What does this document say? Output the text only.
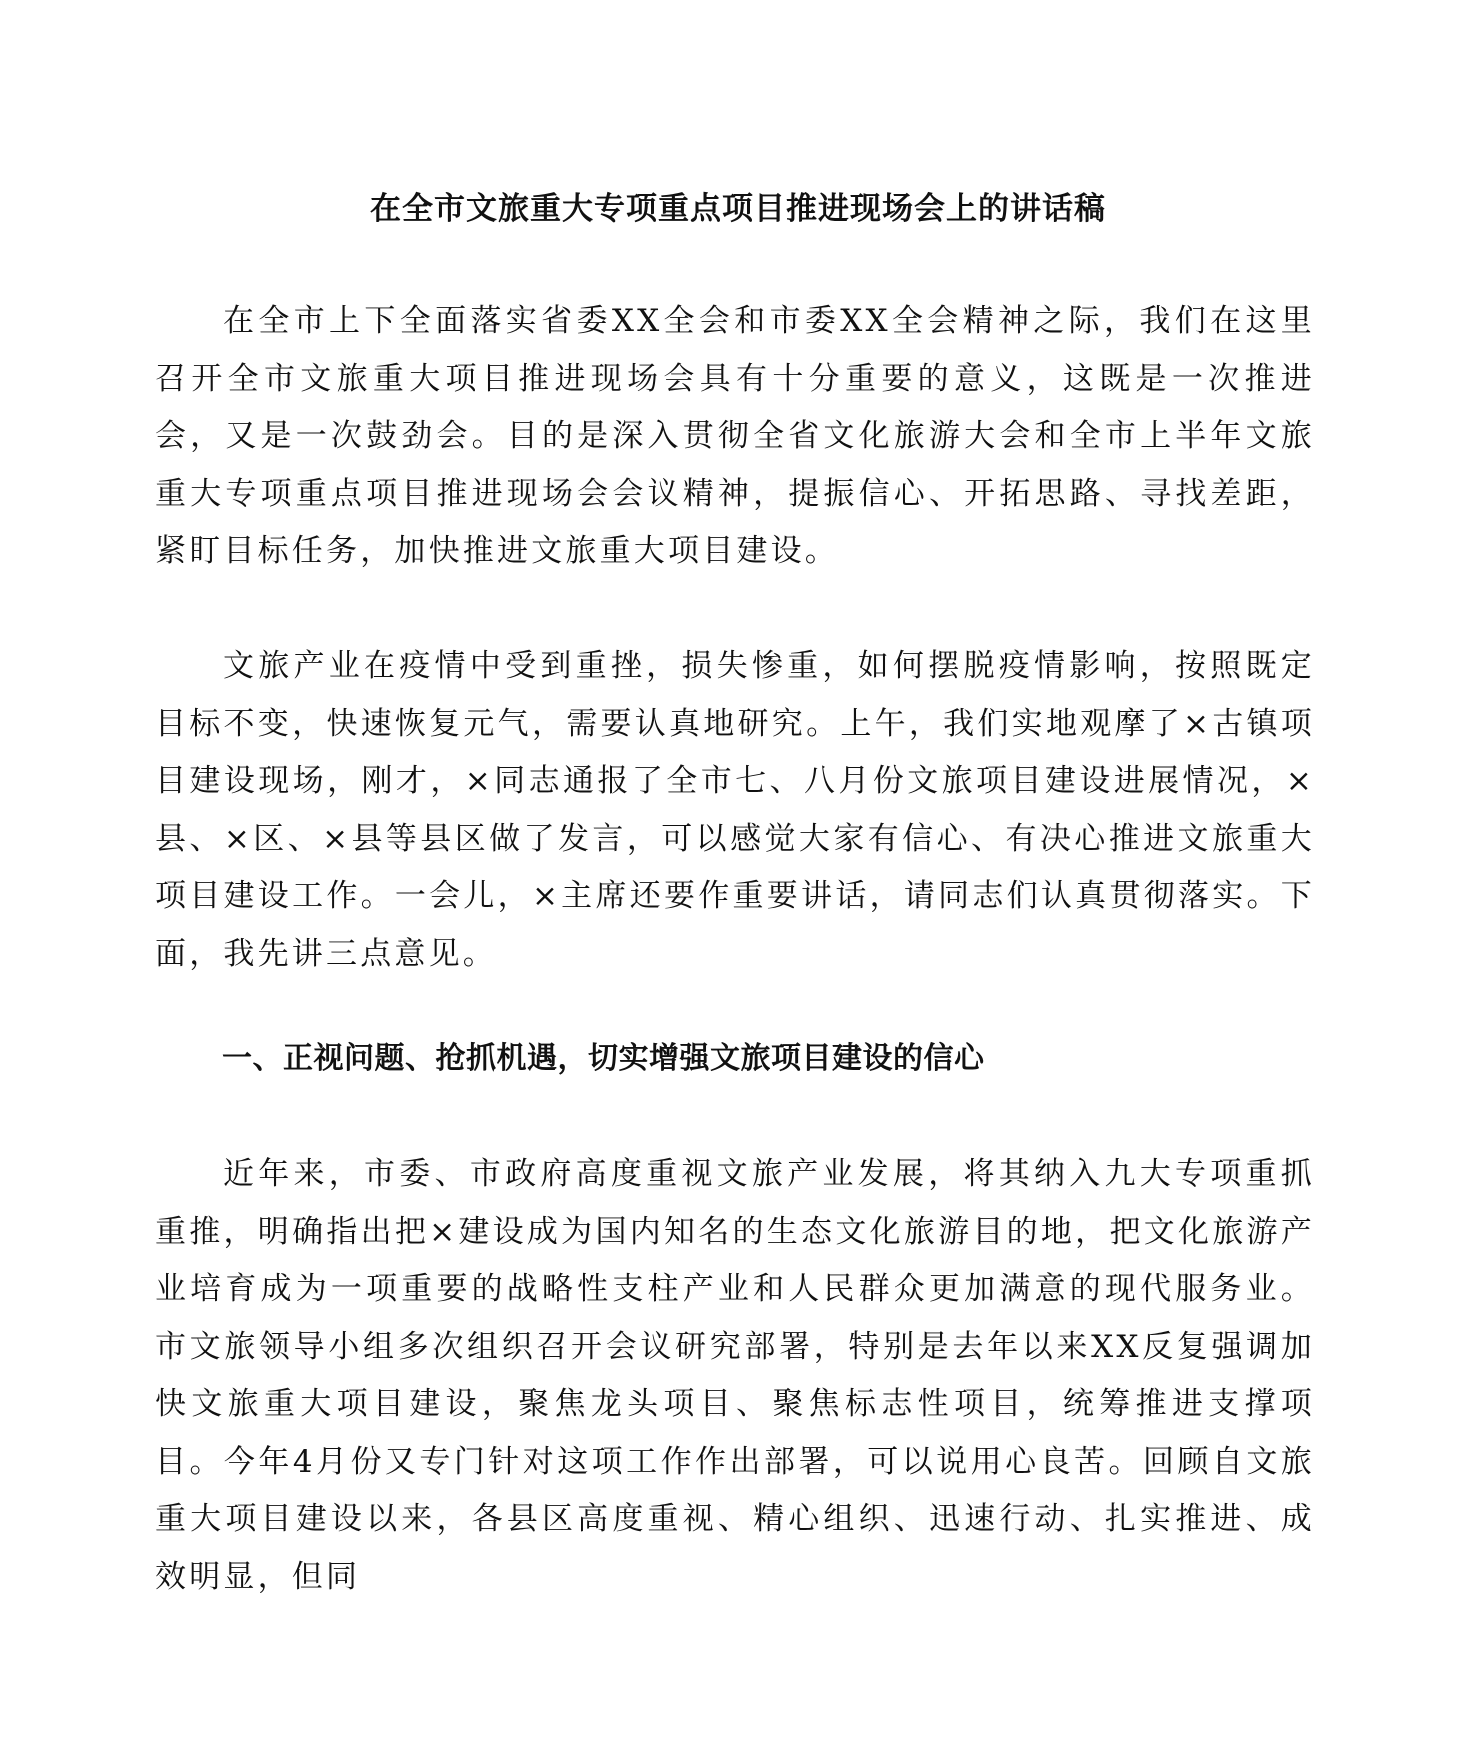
在全市文旅重大专项重点项目推进现场会上的讲话稿

在全市上下全面落实省委XX全会和市委XX全会精神之际，我们在这里召开全市文旅重大项目推进现场会具有十分重要的意义，这既是一次推进会，又是一次鼓劲会。目的是深入贯彻全省文化旅游大会和全市上半年文旅重大专项重点项目推进现场会会议精神，提振信心、开拓思路、寻找差距，紧盯目标任务，加快推进文旅重大项目建设。

文旅产业在疫情中受到重挫，损失惨重，如何摆脱疫情影响，按照既定目标不变，快速恢复元气，需要认真地研究。上午，我们实地观摩了×古镇项目建设现场，刚才，×同志通报了全市七、八月份文旅项目建设进展情况，×县、×区、×县等县区做了发言，可以感觉大家有信心、有决心推进文旅重大项目建设工作。一会儿，×主席还要作重要讲话，请同志们认真贯彻落实。下面，我先讲三点意见。

一、正视问题、抢抓机遇，切实增强文旅项目建设的信心

近年来，市委、市政府高度重视文旅产业发展，将其纳入九大专项重抓重推，明确指出把×建设成为国内知名的生态文化旅游目的地，把文化旅游产业培育成为一项重要的战略性支柱产业和人民群众更加满意的现代服务业。市文旅领导小组多次组织召开会议研究部署，特别是去年以来XX反复强调加快文旅重大项目建设，聚焦龙头项目、聚焦标志性项目，统筹推进支撑项目。今年4月份又专门针对这项工作作出部署，可以说用心良苦。回顾自文旅重大项目建设以来，各县区高度重视、精心组织、迅速行动、扎实推进、成效明显，但同
